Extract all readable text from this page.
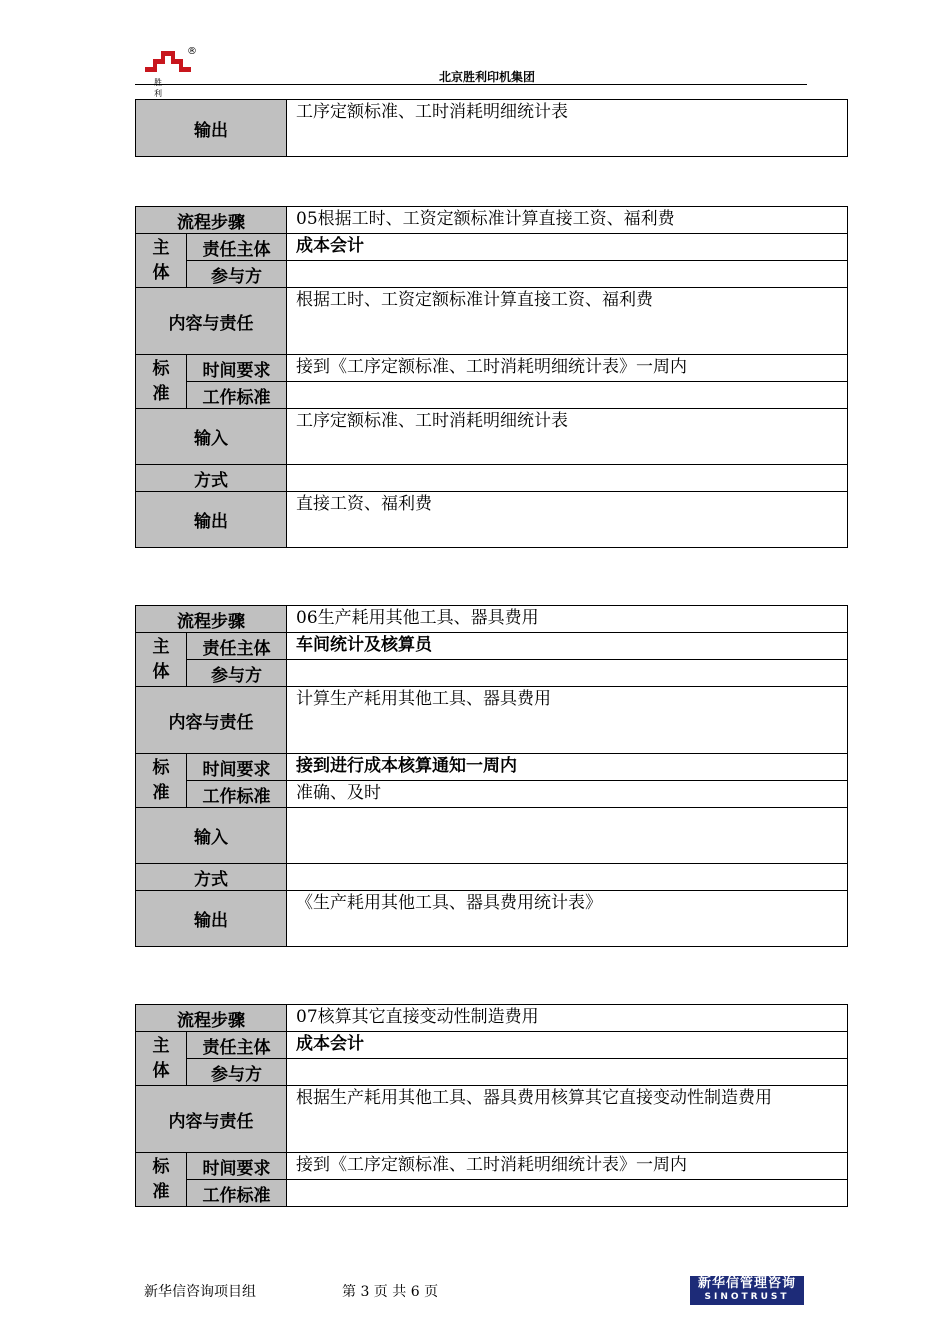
®
胜 利
北京胜利印机集团
输出	工序定额标准、工时消耗明细统计表
流程步骤		05根据工时、工资定额标准计算直接工资、福利费
主
体	责任主体	成本会计
	参与方	
内容与责任		根据工时、工资定额标准计算直接工资、福利费
标
准	时间要求	接到《工序定额标准、工时消耗明细统计表》一周内
	工作标准	
输入		工序定额标准、工时消耗明细统计表
方式		
输出		直接工资、福利费
流程步骤		06生产耗用其他工具、器具费用
主
体	责任主体	车间统计及核算员
	参与方	
内容与责任		计算生产耗用其他工具、器具费用
标
准	时间要求	接到进行成本核算通知一周内
	工作标准	准确、及时
输入		
方式		
输出		《生产耗用其他工具、器具费用统计表》
流程步骤		07核算其它直接变动性制造费用
主
体	责任主体	成本会计
	参与方	
内容与责任		根据生产耗用其他工具、器具费用核算其它直接变动性制造费用
标
准	时间要求	接到《工序定额标准、工时消耗明细统计表》一周内
	工作标准	
新华信咨询项目组	第 3 页 共 6 页
新华信管理咨询
SINOTRUST
